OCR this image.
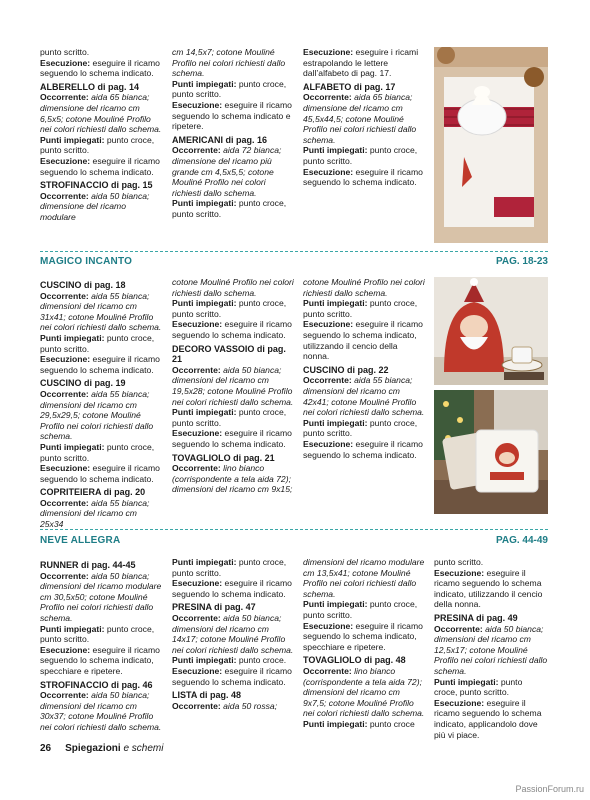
punto scritto.

Esecuzione: eseguire il ricamo seguendo lo schema indicato.

ALBERELLO di pag. 14

Occorrente: aida 65 bianca; dimensione del ricamo cm 6,5x5; cotone Mouliné Profilo nei colori richiesti dallo schema.

Punti impiegati: punto croce, punto scritto.

Esecuzione: eseguire il ricamo seguendo lo schema indicato.

STROFINACCIO di pag. 15

Occorrente: aida 50 bianca; dimensione del ricamo modulare

cm 14,5x7; cotone Mouliné Profilo nei colori richiesti dallo schema.

Punti impiegati: punto croce, punto scritto.

Esecuzione: eseguire il ricamo seguendo lo schema indicato e ripetere.

AMERICANI di pag. 16

Occorrente: aida 72 bianca; dimensione del ricamo più grande cm 4,5x5,5; cotone Mouliné Profilo nei colori richiesti dallo schema.

Punti impiegati: punto croce, punto scritto.

Esecuzione: eseguire i ricami estrapolando le lettere dall’alfabeto di pag. 17.

ALFABETO di pag. 17

Occorrente: aida 65 bianca; dimensione del ricamo cm 45,5x44,5; cotone Mouliné Profilo nei colori richiesti dallo schema.

Punti impiegati: punto croce, punto scritto.

Esecuzione: eseguire il ricamo seguendo lo schema indicato.

MAGICO INCANTO	PAG. 18-23

CUSCINO di pag. 18

Occorrente: aida 55 bianca; dimensioni del ricamo cm 31x41; cotone Mouliné Profilo nei colori richiesti dallo schema.

Punti impiegati: punto croce, punto scritto.

Esecuzione: eseguire il ricamo seguendo lo schema indicato.

CUSCINO di pag. 19

Occorrente: aida 55 bianca; dimensioni del ricamo cm 29,5x29,5; cotone Mouliné Profilo nei colori richiesti dallo schema.

Punti impiegati: punto croce, punto scritto.

Esecuzione: eseguire il ricamo seguendo lo schema indicato.

COPRITEIERA di pag. 20

Occorrente: aida 55 bianca; dimensioni del ricamo cm 25x34

cotone Mouliné Profilo nei colori richiesti dallo schema.

Punti impiegati: punto croce, punto scritto.

Esecuzione: eseguire il ricamo seguendo lo schema indicato.

DECORO VASSOIO di pag. 21

Occorrente: aida 50 bianca; dimensioni del ricamo cm 19,5x28; cotone Mouliné Profilo nei colori richiesti dallo schema.

Punti impiegati: punto croce, punto scritto.

Esecuzione: eseguire il ricamo seguendo lo schema indicato.

TOVAGLIOLO di pag. 21

Occorrente: lino bianco (corrispondente a tela aida 72); dimensioni del ricamo cm 9x15;

cotone Mouliné Profilo nei colori richiesti dallo schema.

Punti impiegati: punto croce, punto scritto.

Esecuzione: eseguire il ricamo seguendo lo schema indicato, utilizzando il cencio della nonna.

CUSCINO di pag. 22

Occorrente: aida 55 bianca; dimensioni del ricamo cm 42x41; cotone Mouliné Profilo nei colori richiesti dallo schema.

Punti impiegati: punto croce, punto scritto.

Esecuzione: eseguire il ricamo seguendo lo schema indicato.

NEVE ALLEGRA	PAG. 44-49

RUNNER di pag. 44-45

Occorrente: aida 50 bianca; dimensioni del ricamo modulare cm 30,5x50; cotone Mouliné Profilo nei colori richiesti dallo schema.

Punti impiegati: punto croce, punto scritto.

Esecuzione: eseguire il ricamo seguendo lo schema indicato, specchiare e ripetere.

STROFINACCIO di pag. 46

Occorrente: aida 50 bianca; dimensioni del ricamo cm 30x37; cotone Mouliné Profilo nei colori richiesti dallo schema.

Punti impiegati: punto croce, punto scritto.

Esecuzione: eseguire il ricamo seguendo lo schema indicato.

PRESINA di pag. 47

Occorrente: aida 50 bianca; dimensioni del ricamo cm 14x17; cotone Mouliné Profilo nei colori richiesti dallo schema.

Punti impiegati: punto croce.

Esecuzione: eseguire il ricamo seguendo lo schema indicato.

LISTA di pag. 48

Occorrente: aida 50 rossa;

dimensioni del ricamo modulare cm 13,5x41; cotone Mouliné Profilo nei colori richiesti dallo schema.

Punti impiegati: punto croce, punto scritto.

Esecuzione: eseguire il ricamo seguendo lo schema indicato, specchiare e ripetere.

TOVAGLIOLO di pag. 48

Occorrente: lino bianco (corrispondente a tela aida 72); dimensioni del ricamo cm 9x7,5; cotone Mouliné Profilo nei colori richiesti dallo schema.

Punti impiegati: punto croce

punto scritto.

Esecuzione: eseguire il ricamo seguendo lo schema indicato, utilizzando il cencio della nonna.

PRESINA di pag. 49

Occorrente: aida 50 bianca; dimensioni del ricamo cm 12,5x17; cotone Mouliné Profilo nei colori richiesti dallo schema.

Punti impiegati: punto croce, punto scritto.

Esecuzione: eseguire il ricamo seguendo lo schema indicato, applicandolo dove più vi piace.

26 Spiegazioni e schemi
PassionForum.ru
